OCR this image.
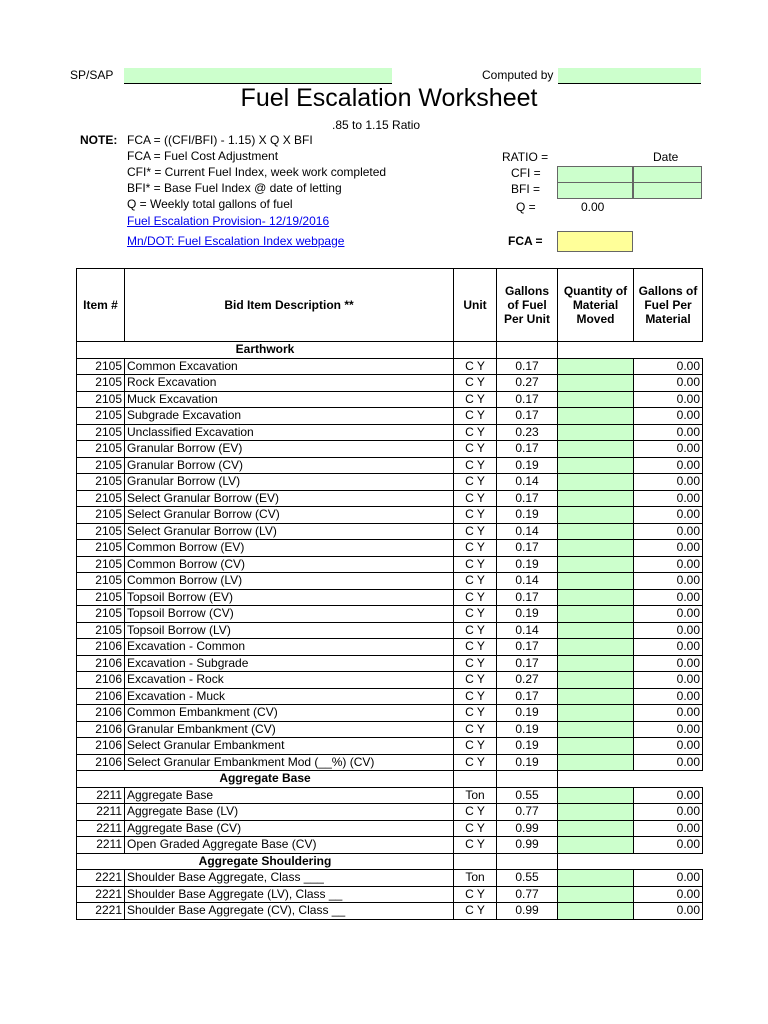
SP/SAP	Computed by
Fuel Escalation Worksheet
.85 to 1.15 Ratio
NOTE: FCA = ((CFI/BFI) - 1.15) X Q X BFI
FCA = Fuel Cost Adjustment
CFI* = Current Fuel Index, week work completed
BFI* = Base Fuel Index @ date of letting
Q = Weekly total gallons of fuel
Fuel Escalation Provision- 12/19/2016
Mn/DOT: Fuel Escalation Index webpage
RATIO =	Date
CFI =
BFI =
Q =	0.00
FCA =
Item #	Bid Item Description **	Unit	Gallons
of Fuel
Per Unit	Quantity of
Material
Moved	Gallons of
Fuel Per
Material
Earthwork					
2105	Common Excavation	C Y	0.17		0.00
2105	Rock Excavation	C Y	0.27		0.00
2105	Muck Excavation	C Y	0.17		0.00
2105	Subgrade Excavation	C Y	0.17		0.00
2105	Unclassified Excavation	C Y	0.23		0.00
2105	Granular Borrow (EV)	C Y	0.17		0.00
2105	Granular Borrow (CV)	C Y	0.19		0.00
2105	Granular Borrow (LV)	C Y	0.14		0.00
2105	Select Granular Borrow (EV)	C Y	0.17		0.00
2105	Select Granular Borrow (CV)	C Y	0.19		0.00
2105	Select Granular Borrow (LV)	C Y	0.14		0.00
2105	Common Borrow (EV)	C Y	0.17		0.00
2105	Common Borrow (CV)	C Y	0.19		0.00
2105	Common Borrow (LV)	C Y	0.14		0.00
2105	Topsoil Borrow (EV)	C Y	0.17		0.00
2105	Topsoil Borrow (CV)	C Y	0.19		0.00
2105	Topsoil Borrow (LV)	C Y	0.14		0.00
2106	Excavation - Common	C Y	0.17		0.00
2106	Excavation - Subgrade	C Y	0.17		0.00
2106	Excavation - Rock	C Y	0.27		0.00
2106	Excavation - Muck	C Y	0.17		0.00
2106	Common Embankment (CV)	C Y	0.19		0.00
2106	Granular Embankment (CV)	C Y	0.19		0.00
2106	Select Granular Embankment	C Y	0.19		0.00
2106	Select Granular Embankment Mod (__%) (CV)	C Y	0.19		0.00
Aggregate Base					
2211	Aggregate Base	Ton	0.55		0.00
2211	Aggregate Base (LV)	C Y	0.77		0.00
2211	Aggregate Base (CV)	C Y	0.99		0.00
2211	Open Graded Aggregate Base (CV)	C Y	0.99		0.00
Aggregate Shouldering					
2221	Shoulder Base Aggregate, Class ___	Ton	0.55		0.00
2221	Shoulder Base Aggregate (LV), Class __	C Y	0.77		0.00
2221	Shoulder Base Aggregate (CV), Class __	C Y	0.99		0.00
